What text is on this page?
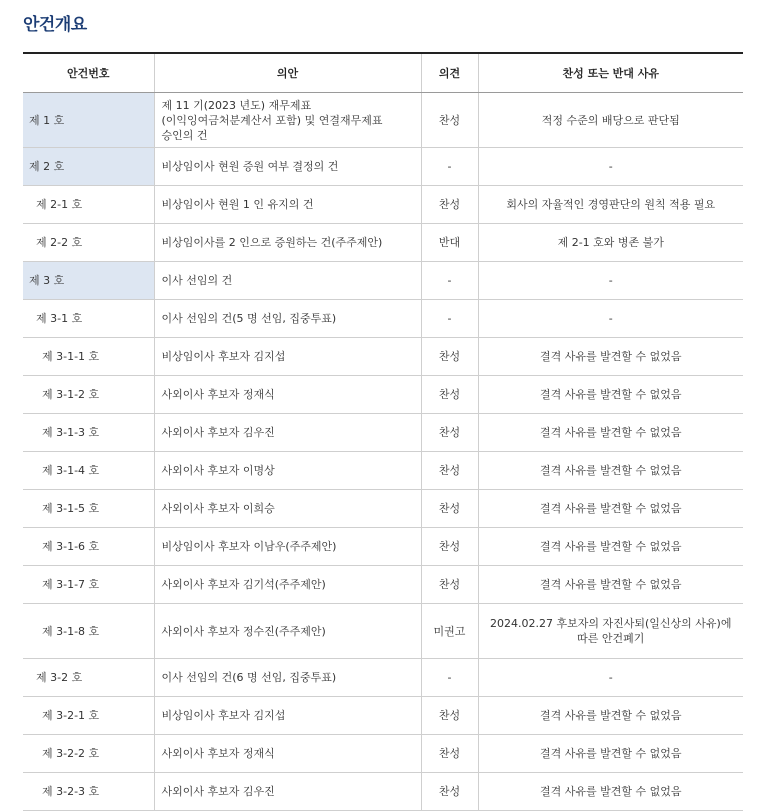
안건개요
안건번호	의안	의견	찬성 또는 반대 사유
제 1 호	제 11 기(2023 년도) 재무제표
(이익잉여금처분계산서 포함) 및 연결재무제표
승인의 건	찬성	적정 수준의 배당으로 판단됨

제 2 호	비상임이사 현원 증원 여부 결정의 건	-	-

제 2-1 호	비상임이사 현원 1 인 유지의 건	찬성	회사의 자율적인 경영판단의 원칙 적용 필요

제 2-2 호	비상임이사를 2 인으로 증원하는 건(주주제안)	반대	제 2-1 호와 병존 불가

제 3 호	이사 선임의 건	-	-

제 3-1 호	이사 선임의 건(5 명 선임, 집중투표)	-	-

제 3-1-1 호	비상임이사 후보자 김지섭	찬성	결격 사유를 발견할 수 없었음

제 3-1-2 호	사외이사 후보자 정재식	찬성	결격 사유를 발견할 수 없었음

제 3-1-3 호	사외이사 후보자 김우진	찬성	결격 사유를 발견할 수 없었음

제 3-1-4 호	사외이사 후보자 이명상	찬성	결격 사유를 발견할 수 없었음

제 3-1-5 호	사외이사 후보자 이희승	찬성	결격 사유를 발견할 수 없었음

제 3-1-6 호	비상임이사 후보자 이남우(주주제안)	찬성	결격 사유를 발견할 수 없었음

제 3-1-7 호	사외이사 후보자 김기석(주주제안)	찬성	결격 사유를 발견할 수 없었음

제 3-1-8 호	사외이사 후보자 정수진(주주제안)	미권고	2024.02.27 후보자의 자진사퇴(일신상의 사유)에
따른 안건폐기

제 3-2 호	이사 선임의 건(6 명 선임, 집중투표)	-	-

제 3-2-1 호	비상임이사 후보자 김지섭	찬성	결격 사유를 발견할 수 없었음

제 3-2-2 호	사외이사 후보자 정재식	찬성	결격 사유를 발견할 수 없었음

제 3-2-3 호	사외이사 후보자 김우진	찬성	결격 사유를 발견할 수 없었음
